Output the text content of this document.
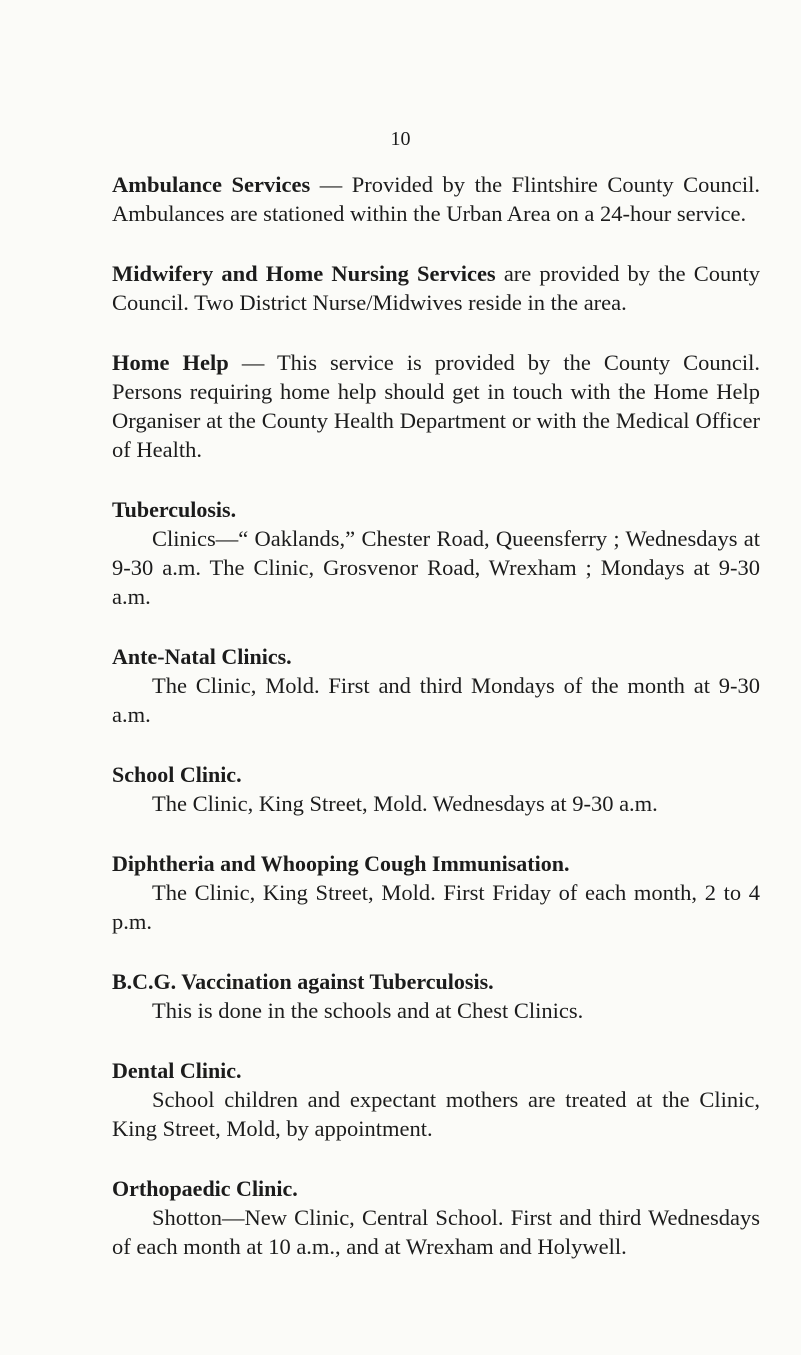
10

Ambulance Services — Provided by the Flintshire County Council. Ambulances are stationed within the Urban Area on a 24-hour service.

Midwifery and Home Nursing Services are provided by the County Council. Two District Nurse/Midwives reside in the area.

Home Help — This service is provided by the County Council. Persons requiring home help should get in touch with the Home Help Organiser at the County Health Department or with the Medical Officer of Health.

Tuberculosis.

Clinics—“ Oaklands,” Chester Road, Queensferry ; Wednesdays at 9-30 a.m. The Clinic, Grosvenor Road, Wrexham ; Mondays at 9-30 a.m.

Ante-Natal Clinics.

The Clinic, Mold. First and third Mondays of the month at 9-30 a.m.

School Clinic.

The Clinic, King Street, Mold. Wednesdays at 9-30 a.m.

Diphtheria and Whooping Cough Immunisation.

The Clinic, King Street, Mold. First Friday of each month, 2 to 4 p.m.

B.C.G. Vaccination against Tuberculosis.

This is done in the schools and at Chest Clinics.

Dental Clinic.

School children and expectant mothers are treated at the Clinic, King Street, Mold, by appointment.

Orthopaedic Clinic.

Shotton—New Clinic, Central School. First and third Wednesdays of each month at 10 a.m., and at Wrexham and Holywell.
